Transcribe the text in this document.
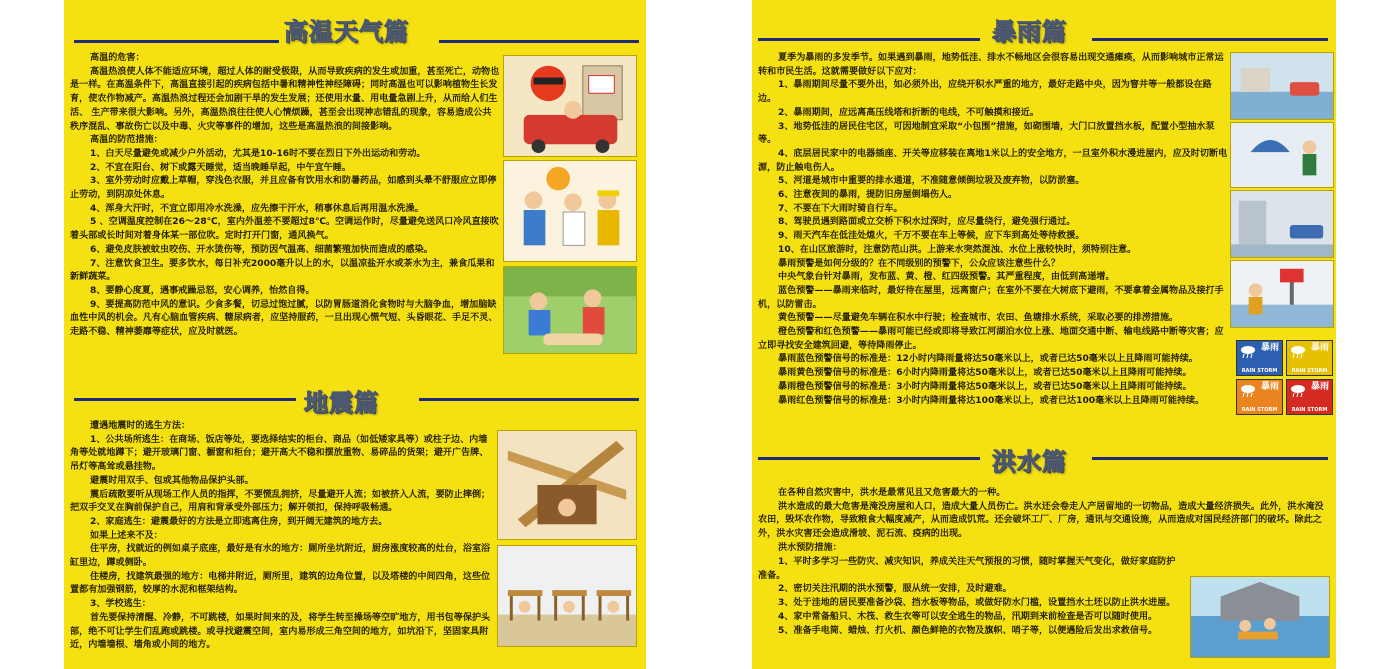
高温天气篇

高温的危害：

高温热浪使人体不能适应环境，超过人体的耐受极限，从而导致疾病的发生或加重，甚至死亡，动物也是一样。在高温条件下，高温直接引起的疾病包括中暑和精神性神经障碍；同时高温也可以影响植物生长发育，使农作物减产。高温热浪过程还会加剧干旱的发生发展；还使用水量、用电量急剧上升，从而给人们生活、 生产带来很大影响。另外，高温热浪往往使人心情烦躁，甚至会出现神志错乱的现象，容易造成公共秩序混乱、事故伤亡以及中毒、火灾等事件的增加，这些是高温热浪的间接影响。

高温的防范措施：

1、白天尽量避免或减少户外活动，尤其是10-16时不要在烈日下外出运动和劳动。

2、不宜在阳台、树下或露天睡觉，适当晚睡早起，中午宜午睡。

3、室外劳动时应戴上草帽，穿浅色衣服，并且应备有饮用水和防暑药品，如感到头晕不舒服应立即停止劳动，到阴凉处休息。

4、浑身大汗时，不宜立即用冷水洗澡，应先擦干汗水，稍事休息后再用温水洗澡。

5 、空调温度控制在26～28℃，室内外温差不要超过8℃。空调运作时，尽量避免送风口冷风直接吹着头部或长时间对着身体某一部位吹。定时打开门窗，通风换气。

6、避免皮肤被蚊虫咬伤、开水烫伤等，预防因气温高、细菌繁殖加快而造成的感染。

7、注意饮食卫生。要多饮水，每日补充2000毫升以上的水，以温凉盐开水或茶水为主，兼食瓜果和新鲜蔬菜。

8、要静心度夏，遇事戒躁忌怒，安心调养，怡然自得。

9、要提高防范中风的意识。少食多餐，切忌过饱过腻，以防胃肠道消化食物时与大脑争血，增加脑缺血性中风的机会。凡有心脑血管疾病、糖尿病者，应坚持服药，一旦出现心慌气短、头昏眼花、手足不灵、走路不稳、精神萎靡等症状，应及时就医。

地震篇

遭遇地震时的逃生方法：

1、公共场所逃生：在商场、饭店等处，要选择结实的柜台、商品（如低矮家具等）或柱子边、内墙角等处就地蹲下；避开玻璃门窗、橱窗和柜台；避开高大不稳和摆放重物、易碎品的货架；避开广告牌、吊灯等高耸或悬挂物。

避震时用双手、包或其他物品保护头部。

震后疏散要听从现场工作人员的指挥，不要慌乱拥挤，尽量避开人流；如被挤入人流，要防止摔倒；把双手交叉在胸前保护自己，用肩和背承受外部压力；解开领扣，保持呼吸畅通。

2、家庭逃生：避震最好的方法是立即逃离住房，到开阔无建筑的地方去。

如果上述来不及：

住平房，找就近的例如桌子底座，最好是有水的地方：厕所坐坑附近，厨房涨度较高的灶台，浴室浴缸里边，蹲或侧卧。

住楼房，找建筑最强的地方：电梯井附近，厕所里，建筑的边角位置，以及塔楼的中间四角，这些位置都有加强钢筋，较厚的水泥和框架结构。

3、学校逃生：

首先要保持清醒、冷静，不可跳楼，如果时间来的及，将学生转至操场等空旷地方，用书包等保护头部，绝不可让学生们乱跑或跳楼。或寻找避震空间，室内易形成三角空间的地方，如坑沿下，坚固家具附近，内墙墙根、墙角或小间的地方。

暴雨篇

夏季为暴雨的多发季节。如果遇到暴雨，地势低洼、排水不畅地区会很容易出现交通瘫痪，从而影响城市正常运转和市民生活。这就需要做好以下应对：

1、暴雨期间尽量不要外出，如必须外出，应绕开积水严重的地方，最好走路中央，因为窨井等一般都设在路边。

2、暴雨期间，应远离高压线塔和折断的电线，不可触摸和接近。

3、地势低洼的居民住宅区，可因地制宜采取“小包围”措施，如砌围墙，大门口放置挡水板，配置小型抽水泵等。

4、底层居民家中的电器插座、开关等应移装在离地1米以上的安全地方，一旦室外积水漫进屋内，应及时切断电源，防止触电伤人。

5、河道是城市中重要的排水通道，不准随意倾倒垃圾及废弃物，以防淤塞。

6、注意夜间的暴雨，提防旧房屋倒塌伤人。

7、不要在下大雨时骑自行车。

8、驾驶员遇到路面或立交桥下积水过深时，应尽量绕行，避免强行通过。

9、雨天汽车在低洼处熄火，千万不要在车上等候，应下车到高处等待救援。

10、在山区旅游时，注意防范山洪。上游来水突然混浊、水位上涨较快时，须特别注意。

暴雨预警是如何分级的？在不同级别的预警下，公众应该注意些什么？

中央气象台针对暴雨，发布蓝、黄、橙、红四级预警。其严重程度，由低到高递增。

蓝色预警——暴雨来临时，最好待在屋里，远离窗户；在室外不要在大树底下避雨，不要拿着金属物品及接打手机，以防雷击。

黄色预警——尽量避免车辆在积水中行驶；检查城市、农田、鱼塘排水系统，采取必要的排涝措施。

橙色预警和红色预警——暴雨可能已经或即将导致江河湖泊水位上涨、地面交通中断、输电线路中断等灾害；应立即寻找安全建筑回避，等待降雨停止。

暴雨蓝色预警信号的标准是：12小时内降雨量将达50毫米以上，或者已达50毫米以上且降雨可能持续。

暴雨黄色预警信号的标准是：6小时内降雨量将达50毫米以上，或者已达50毫米以上且降雨可能持续。

暴雨橙色预警信号的标准是：3小时内降雨量将达50毫米以上，或者已达50毫米以上且降雨可能持续。

暴雨红色预警信号的标准是：3小时内降雨量将达100毫米以上，或者已达100毫米以上且降雨可能持续。

暴雨
RAIN STORM
暴雨
RAIN STORM
暴雨
RAIN STORM
暴雨
RAIN STORM
洪水篇

在各种自然灾害中，洪水是最常见且又危害最大的一种。

洪水造成的最大危害是淹没房屋和人口，造成大量人员伤亡。洪水还会卷走人产居留地的一切物品，造成大量经济损失。此外，洪水淹没农田，毁坏农作物，导致粮食大幅度减产，从而造成饥荒。还会破坏工厂、厂房，通讯与交通设施，从而造成对国民经济部门的破坏。除此之外，洪水灾害还会造成滑坡、泥石流、疫病的出现。

洪水预防措施：

1、平时多学习一些防灾、减灾知识，养成关注天气预报的习惯，随时掌握天气变化，做好家庭防护准备。

2、密切关注汛期的洪水预警，服从统一安排，及时避难。

3、处于洼地的居民要准备沙袋、挡水板等物品，或做好防水门槛，设置挡水土坯以防止洪水进屋。

4、家中常备船只、木筏、救生衣等可以安全逃生的物品，汛期到来前检查是否可以随时使用。

5、准备手电筒、蜡烛、打火机、颜色鲜艳的衣物及旗帜、哨子等，以便遇险后发出求救信号。
